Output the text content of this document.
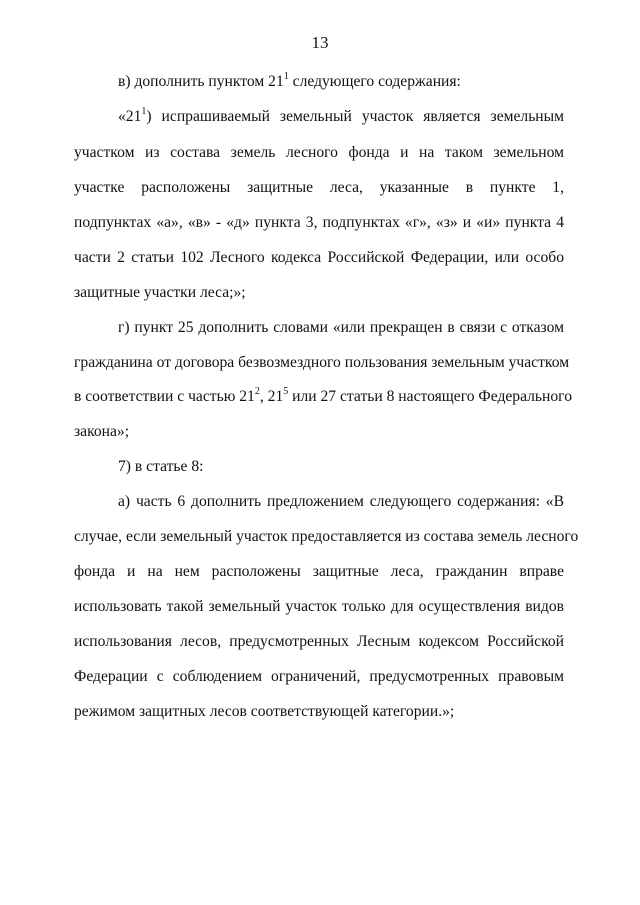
13
в) дополнить пунктом $21^1$ следующего содержания:
«$21^1$) испрашиваемый земельный участок является земельным
участком из состава земель лесного фонда и на таком земельном
участке расположены защитные леса, указанные в пункте 1,
подпунктах «а», «в» - «д» пункта 3, подпунктах «г», «з» и «и» пункта 4
части 2 статьи 102 Лесного кодекса Российской Федерации, или особо
защитные участки леса;»;
г) пункт 25 дополнить словами «или прекращен в связи с отказом
гражданина от договора безвозмездного пользования земельным участком
в соответствии с частью $21^2$, $21^5$ или 27 статьи 8 настоящего Федерального
закона»;
7) в статье 8:
а) часть 6 дополнить предложением следующего содержания: «В
случае, если земельный участок предоставляется из состава земель лесного
фонда и на нем расположены защитные леса, гражданин вправе
использовать такой земельный участок только для осуществления видов
использования лесов, предусмотренных Лесным кодексом Российской
Федерации с соблюдением ограничений, предусмотренных правовым
режимом защитных лесов соответствующей категории.»;
